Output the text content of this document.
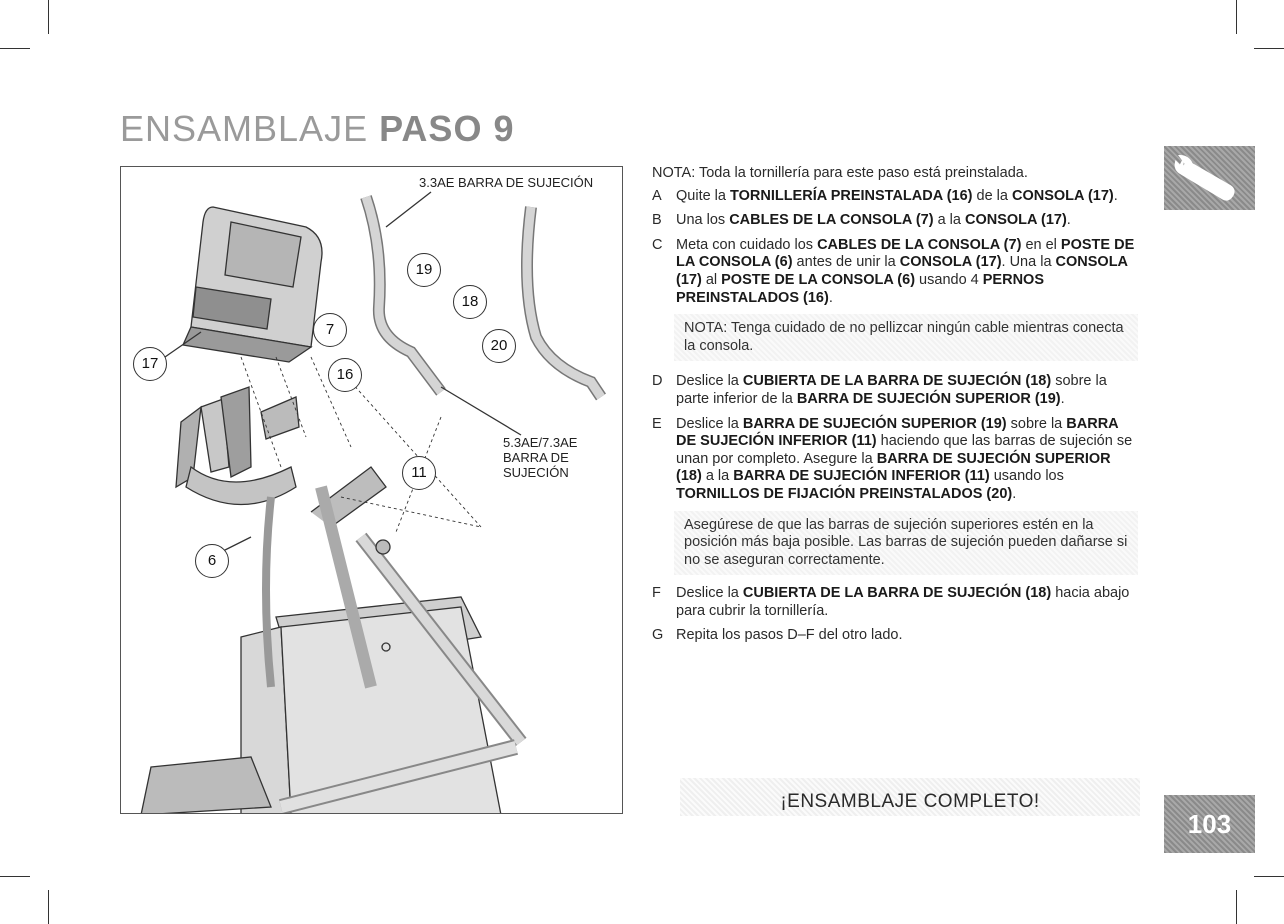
ENSAMBLAJE PASO 9
3.3AE BARRA DE SUJECIÓN
5.3AE/7.3AE
BARRA DE
SUJECIÓN
17
7
16
19
18
20
11
6
NOTA: Toda la tornillería para este paso está preinstalada.
A Quite la TORNILLERÍA PREINSTALADA (16) de la CONSOLA (17).
B Una los CABLES DE LA CONSOLA (7) a la CONSOLA (17).
C Meta con cuidado los CABLES DE LA CONSOLA (7) en el POSTE DE LA CONSOLA (6) antes de unir la CONSOLA (17). Una la CONSOLA (17) al POSTE DE LA CONSOLA (6) usando 4 PERNOS PREINSTALADOS (16).
NOTA: Tenga cuidado de no pellizcar ningún cable mientras conecta la consola.
D Deslice la CUBIERTA DE LA BARRA DE SUJECIÓN (18) sobre la parte inferior de la BARRA DE SUJECIÓN SUPERIOR (19).
E Deslice la BARRA DE SUJECIÓN SUPERIOR (19) sobre la BARRA DE SUJECIÓN INFERIOR (11) haciendo que las barras de sujeción se unan por completo. Asegure la BARRA DE SUJECIÓN SUPERIOR (18) a la BARRA DE SUJECIÓN INFERIOR (11) usando los TORNILLOS DE FIJACIÓN PREINSTALADOS (20).
Asegúrese de que las barras de sujeción superiores estén en la posición más baja posible. Las barras de sujeción pueden dañarse si no se aseguran correctamente.
F Deslice la CUBIERTA DE LA BARRA DE SUJECIÓN (18) hacia abajo para cubrir la tornillería.
G Repita los pasos D–F del otro lado.
¡ENSAMBLAJE COMPLETO!
103
